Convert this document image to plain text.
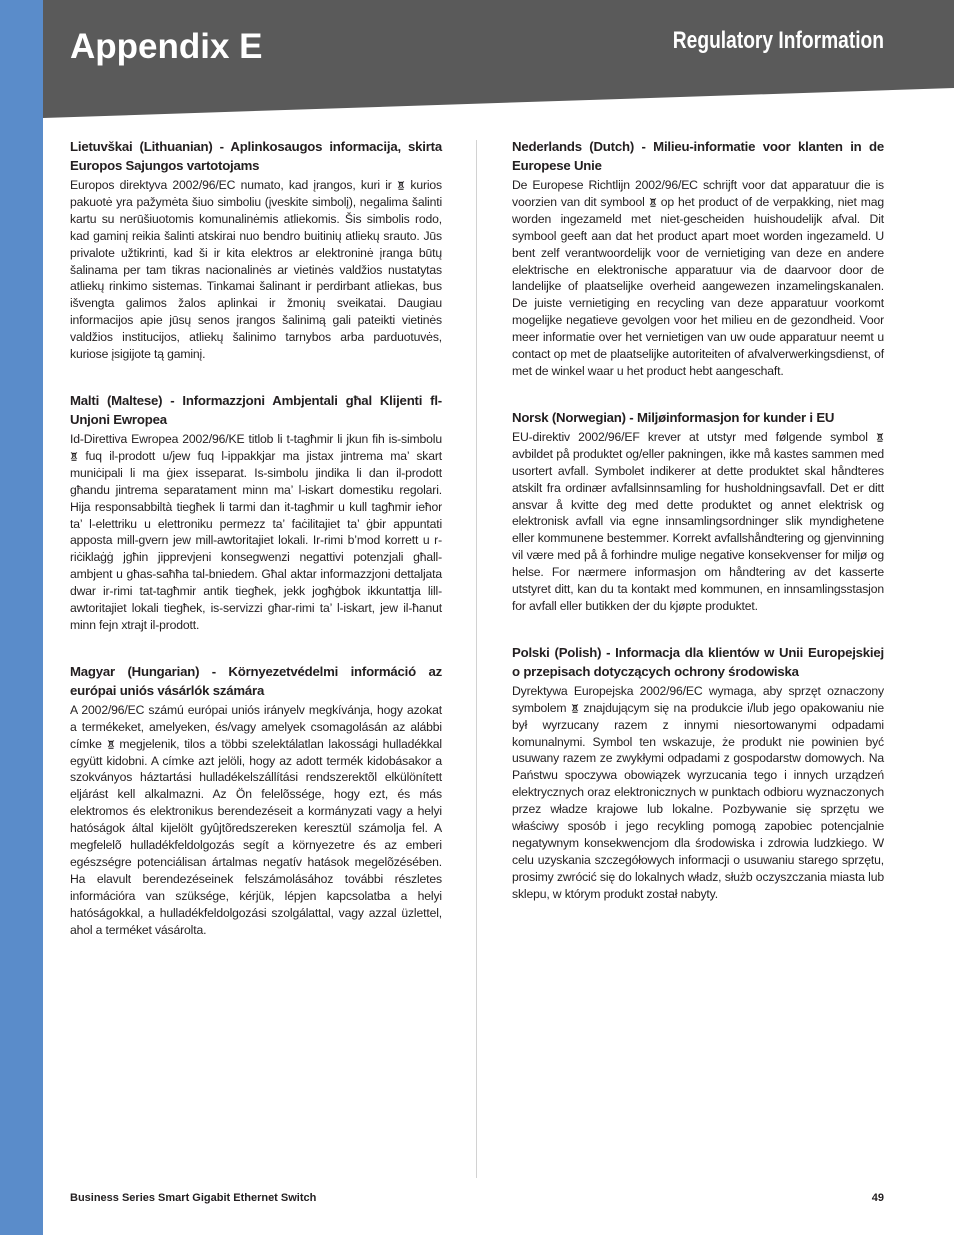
Appendix E	Regulatory Information
Lietuvškai (Lithuanian) - Aplinkosaugos informacija, skirta Europos Sajungos vartotojams

Europos direktyva 2002/96/EC numato, kad įrangos, kuri ir kurios pakuotė yra pažymėta šiuo simboliu (įveskite simbolį), negalima šalinti kartu su nerūšiuotomis komunalinėmis atliekomis. Šis simbolis rodo, kad gaminį reikia šalinti atskirai nuo bendro buitinių atliekų srauto. Jūs privalote užtikrinti, kad ši ir kita elektros ar elektroninė įranga būtų šalinama per tam tikras nacionalinės ar vietinės valdžios nustatytas atliekų rinkimo sistemas. Tinkamai šalinant ir perdirbant atliekas, bus išvengta galimos žalos aplinkai ir žmonių sveikatai. Daugiau informacijos apie jūsų senos įrangos šalinimą gali pateikti vietinės valdžios institucijos, atliekų šalinimo tarnybos arba parduotuvės, kuriose įsigijote tą gaminį.

Malti (Maltese) - Informazzjoni Ambjentali għal Klijenti fl-Unjoni Ewropea

Id-Direttiva Ewropea 2002/96/KE titlob li t-tagħmir li jkun fih is-simbolu
fuq il-prodott u/jew fuq l-ippakkjar ma jistax jintrema ma’ skart muniċipali li ma ġiex isseparat. Is-simbolu jindika li dan il-prodott għandu jintrema separatament minn ma’ l-iskart domestiku regolari. Hija responsabbiltà tiegħek li tarmi dan it-tagħmir u kull tagħmir ieħor ta’ l-elettriku u elettroniku permezz ta’ faċilitajiet ta’ ġbir appuntati apposta mill-gvern jew mill-awtoritajiet lokali. Ir-rimi b’mod korrett u r-riċiklaġġ jgħin jipprevjeni konsegwenzi negattivi potenzjali għall-ambjent u għas-saħħa tal-bniedem. Għal aktar informazzjoni dettaljata dwar ir-rimi tat-tagħmir antik tiegħek, jekk jogħġbok ikkuntattja lill-awtoritajiet lokali tiegħek, is-servizzi għar-rimi ta’ l-iskart, jew il-ħanut minn fejn xtrajt il-prodott.

Magyar (Hungarian) - Környezetvédelmi információ az európai uniós vásárlók számára

A 2002/96/EC számú európai uniós irányelv megkívánja, hogy azokat a termékeket, amelyeken, és/vagy amelyek csomagolásán az alábbi címke megjelenik, tilos a többi szelektálatlan lakossági hulladékkal együtt kidobni. A címke azt jelöli, hogy az adott termék kidobásakor a szokványos háztartási hulladékelszállítási rendszerektõl elkülönített eljárást kell alkalmazni. Az Ön felelõssége, hogy ezt, és más elektromos és elektronikus berendezéseit a kormányzati vagy a helyi hatóságok által kijelölt gyûjtõredszereken keresztül számolja fel. A megfelelõ hulladékfeldolgozás segít a környezetre és az emberi egészségre potenciálisan ártalmas negatív hatások megelõzésében. Ha elavult berendezéseinek felszámolásához további részletes információra van szüksége, kérjük, lépjen kapcsolatba a helyi hatóságokkal, a hulladékfeldolgozási szolgálattal, vagy azzal üzlettel, ahol a terméket vásárolta.

Nederlands (Dutch) - Milieu-informatie voor klanten in de Europese Unie

De Europese Richtlijn 2002/96/EC schrijft voor dat apparatuur die is voorzien van dit symbool op het product of de verpakking, niet mag worden ingezameld met niet-gescheiden huishoudelijk afval. Dit symbool geeft aan dat het product apart moet worden ingezameld. U bent zelf verantwoordelijk voor de vernietiging van deze en andere elektrische en elektronische apparatuur via de daarvoor door de landelijke of plaatselijke overheid aangewezen inzamelingskanalen. De juiste vernietiging en recycling van deze apparatuur voorkomt mogelijke negatieve gevolgen voor het milieu en de gezondheid. Voor meer informatie over het vernietigen van uw oude apparatuur neemt u contact op met de plaatselijke autoriteiten of afvalverwerkingsdienst, of met de winkel waar u het product hebt aangeschaft.

Norsk (Norwegian) - Miljøinformasjon for kunder i EU

EU-direktiv 2002/96/EF krever at utstyr med følgende symbol
avbildet på produktet og/eller pakningen, ikke må kastes sammen med usortert avfall. Symbolet indikerer at dette produktet skal håndteres atskilt fra ordinær avfallsinnsamling for husholdningsavfall. Det er ditt ansvar å kvitte deg med dette produktet og annet elektrisk og elektronisk avfall via egne innsamlingsordninger slik myndighetene eller kommunene bestemmer. Korrekt avfallshåndtering og gjenvinning vil være med på å forhindre mulige negative konsekvenser for miljø og helse. For nærmere informasjon om håndtering av det kasserte utstyret ditt, kan du ta kontakt med kommunen, en innsamlingsstasjon for avfall eller butikken der du kjøpte produktet.

Polski (Polish) - Informacja dla klientów w Unii Europejskiej o przepisach dotyczących ochrony środowiska

Dyrektywa Europejska 2002/96/EC wymaga, aby sprzęt oznaczony symbolem znajdującym się na produkcie i/lub jego opakowaniu nie był wyrzucany razem z innymi niesortowanymi odpadami komunalnymi. Symbol ten wskazuje, że produkt nie powinien być usuwany razem ze zwykłymi odpadami z gospodarstw domowych. Na Państwu spoczywa obowiązek wyrzucania tego i innych urządzeń elektrycznych oraz elektronicznych w punktach odbioru wyznaczonych przez władze krajowe lub lokalne. Pozbywanie się sprzętu we właściwy sposób i jego recykling pomogą zapobiec potencjalnie negatywnym konsekwencjom dla środowiska i zdrowia ludzkiego. W celu uzyskania szczegółowych informacji o usuwaniu starego sprzętu, prosimy zwrócić się do lokalnych władz, służb oczyszczania miasta lub sklepu, w którym produkt został nabyty.

Business Series Smart Gigabit Ethernet Switch	49
